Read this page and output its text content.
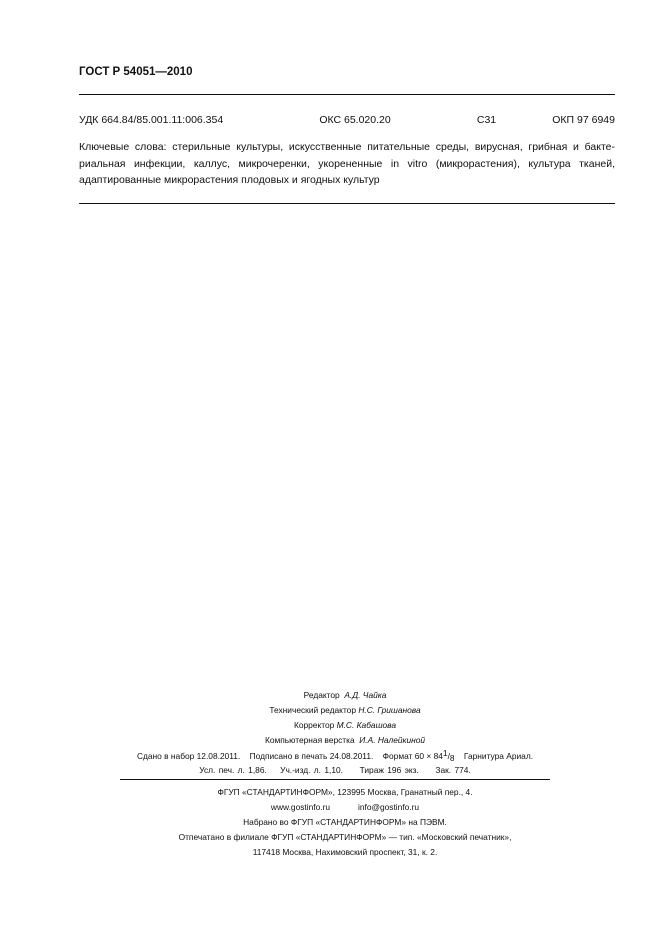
ГОСТ Р 54051—2010
УДК 664.84/85.001.11:006.354	ОКС 65.020.20	С31	ОКП 97 6949
Ключевые слова: стерильные культуры, искусственные питательные среды, вирусная, грибная и бакте-
риальная инфекции, каллус, микрочеренки, укорененные in vitro (микрорастения), культура тканей,
адаптированные микрорастения плодовых и ягодных культур
Редактор А.Д. Чайка
Технический редактор Н.С. Гришанова
Корректор М.С. Кабашова
Компьютерная верстка И.А. Налейкиной
Сдано в набор 12.08.2011. Подписано в печать 24.08.2011. Формат 60 × 841/8 Гарнитура Ариал.
Усл. печ. л. 1,86. Уч.-изд. л. 1,10. Тираж 196 экз. Зак. 774.
ФГУП «СТАНДАРТИНФОРМ», 123995 Москва, Гранатный пер., 4.
www.gostinfo.ru	info@gostinfo.ru
Набрано во ФГУП «СТАНДАРТИНФОРМ» на ПЭВМ.
Отпечатано в филиале ФГУП «СТАНДАРТИНФОРМ» — тип. «Московский печатник»,
117418 Москва, Нахимовский проспект, 31, к. 2.
